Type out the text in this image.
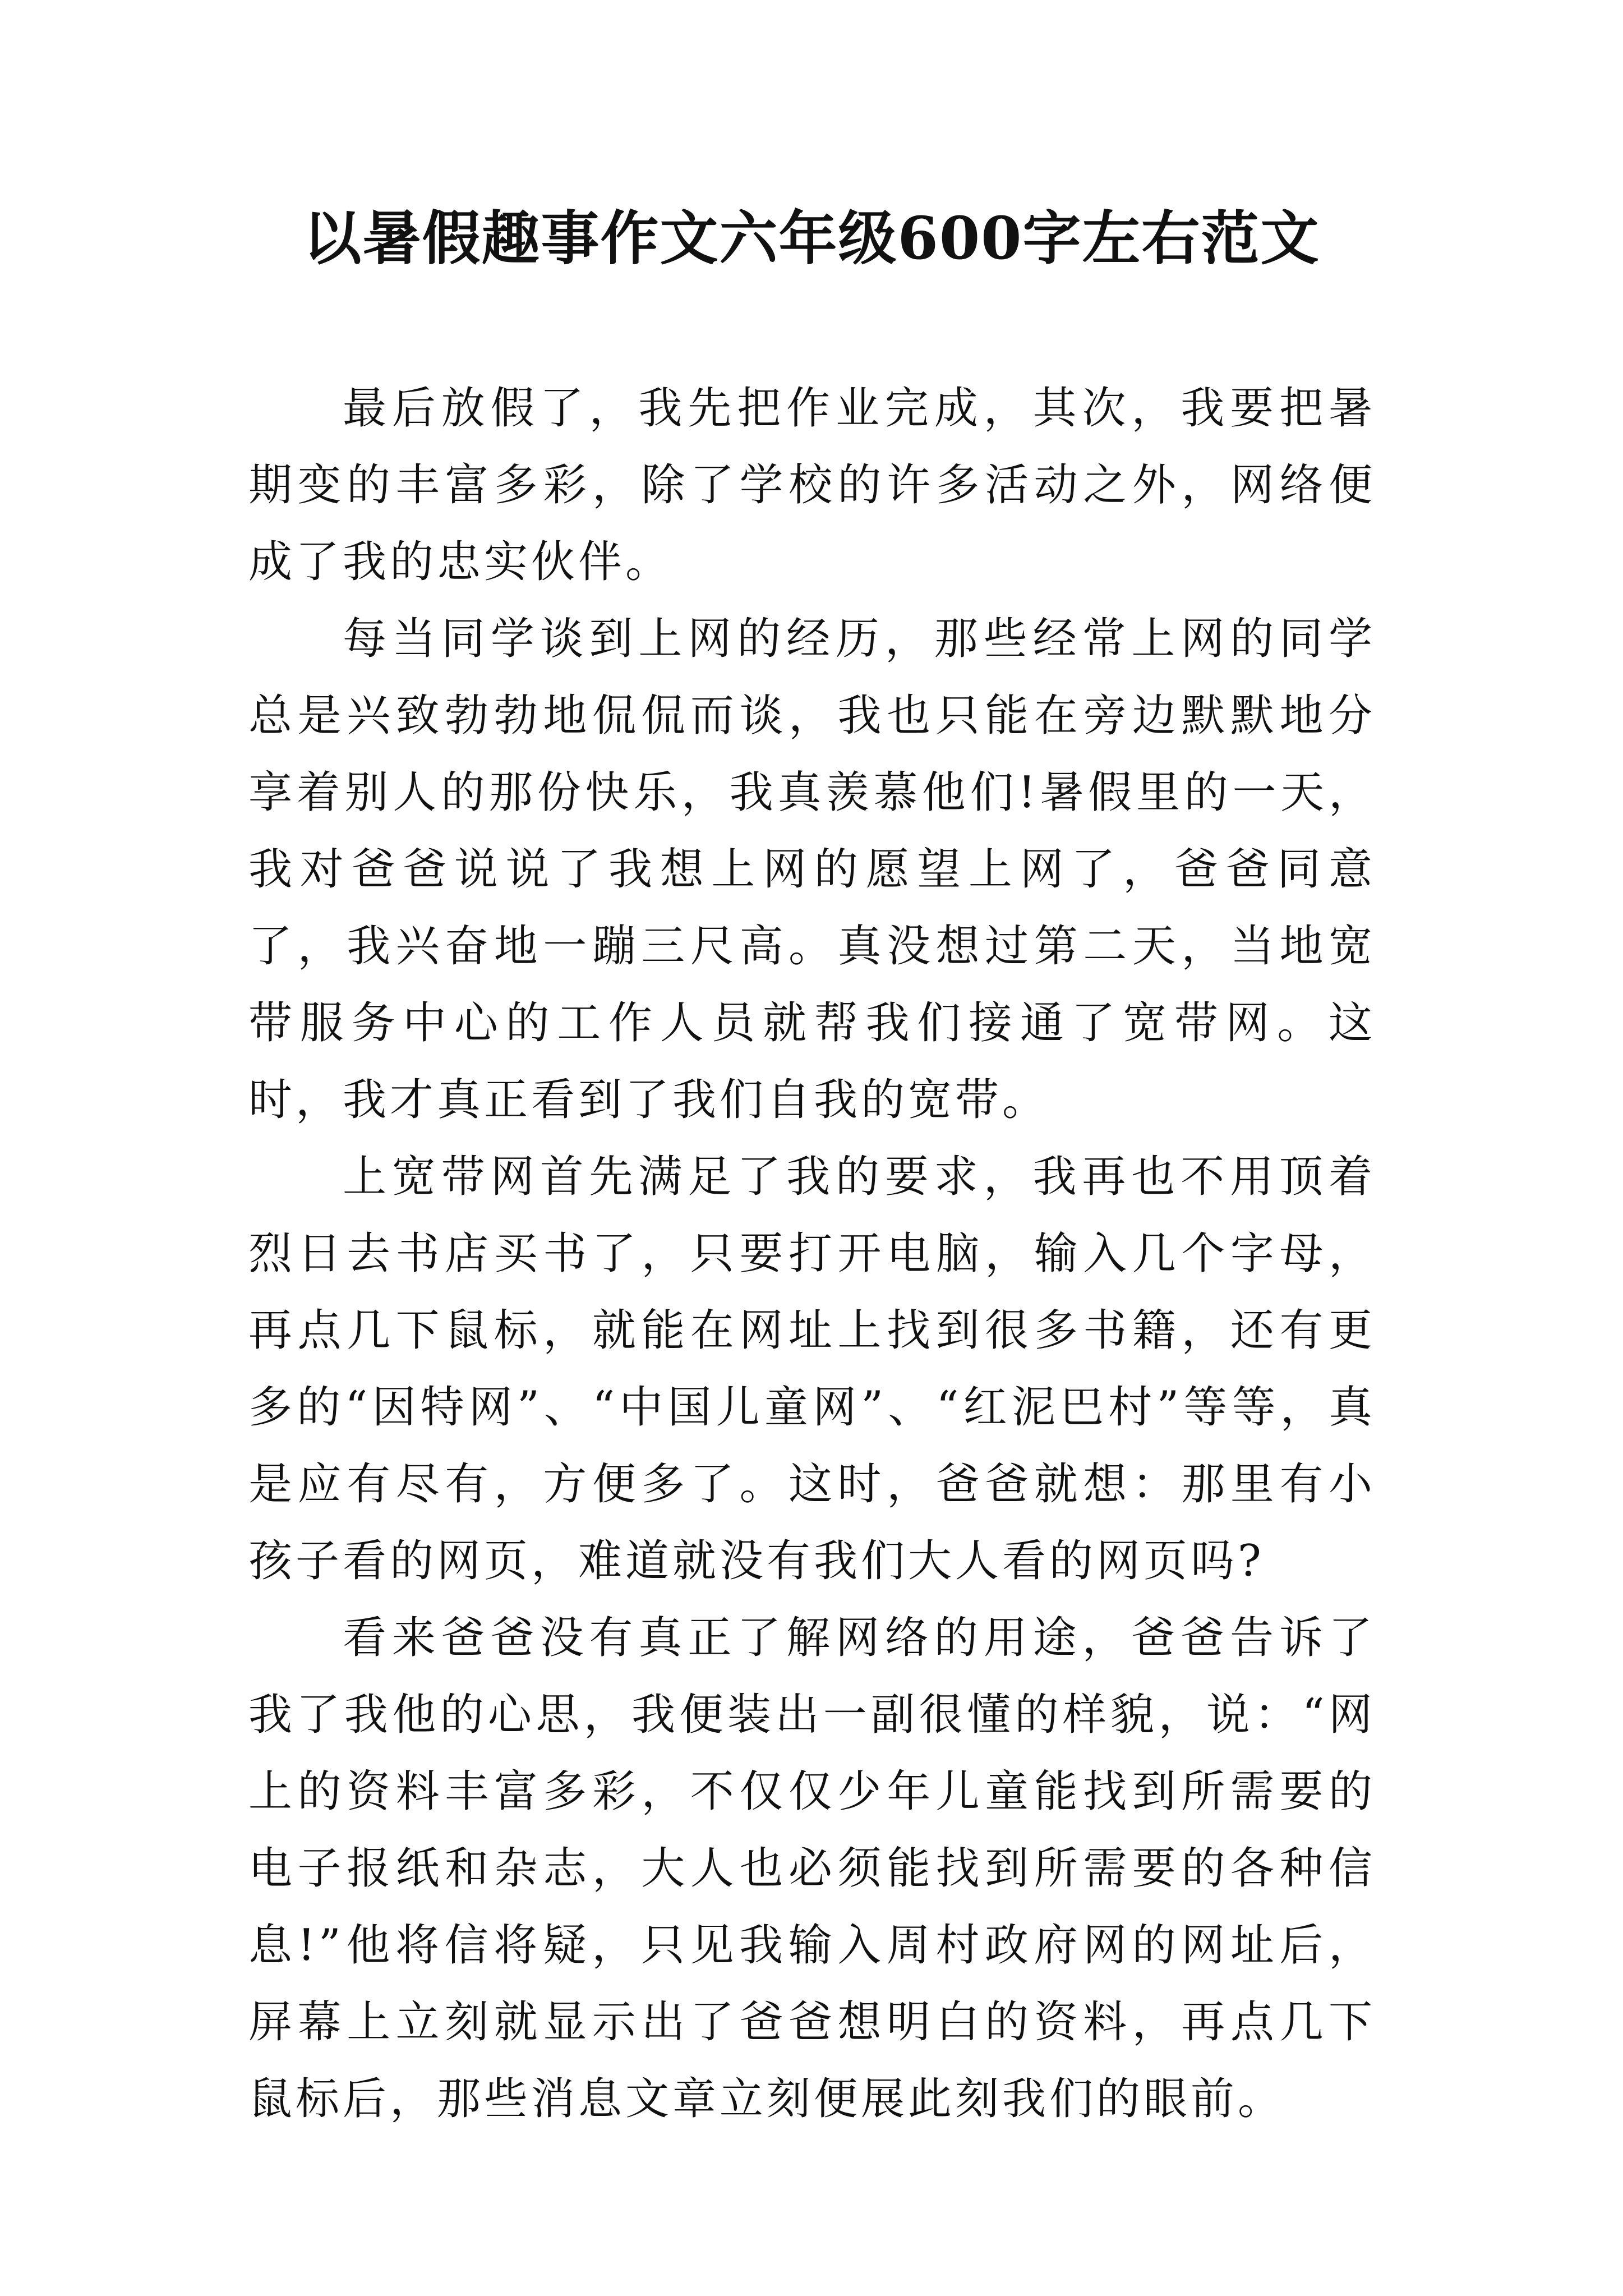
以暑假趣事作文六年级600字左右范文

最后放假了，我先把作业完成，其次，我要把暑期变的丰富多彩，除了学校的许多活动之外，网络便成了我的忠实伙伴。

每当同学谈到上网的经历，那些经常上网的同学总是兴致勃勃地侃侃而谈，我也只能在旁边默默地分享着别人的那份快乐，我真羡慕他们!暑假里的一天，我对爸爸说说了我想上网的愿望上网了，爸爸同意了，我兴奋地一蹦三尺高。真没想过第二天，当地宽带服务中心的工作人员就帮我们接通了宽带网。这时，我才真正看到了我们自我的宽带。

上宽带网首先满足了我的要求，我再也不用顶着烈日去书店买书了，只要打开电脑，输入几个字母，再点几下鼠标，就能在网址上找到很多书籍，还有更多的“因特网”、“中国儿童网”、“红泥巴村”等等，真是应有尽有，方便多了。这时，爸爸就想：那里有小孩子看的网页，难道就没有我们大人看的网页吗?

看来爸爸没有真正了解网络的用途，爸爸告诉了我了我他的心思，我便装出一副很懂的样貌，说：“网上的资料丰富多彩，不仅仅少年儿童能找到所需要的电子报纸和杂志，大人也必须能找到所需要的各种信息!”他将信将疑，只见我输入周村政府网的网址后，屏幕上立刻就显示出了爸爸想明白的资料，再点几下鼠标后，那些消息文章立刻便展此刻我们的眼前。
